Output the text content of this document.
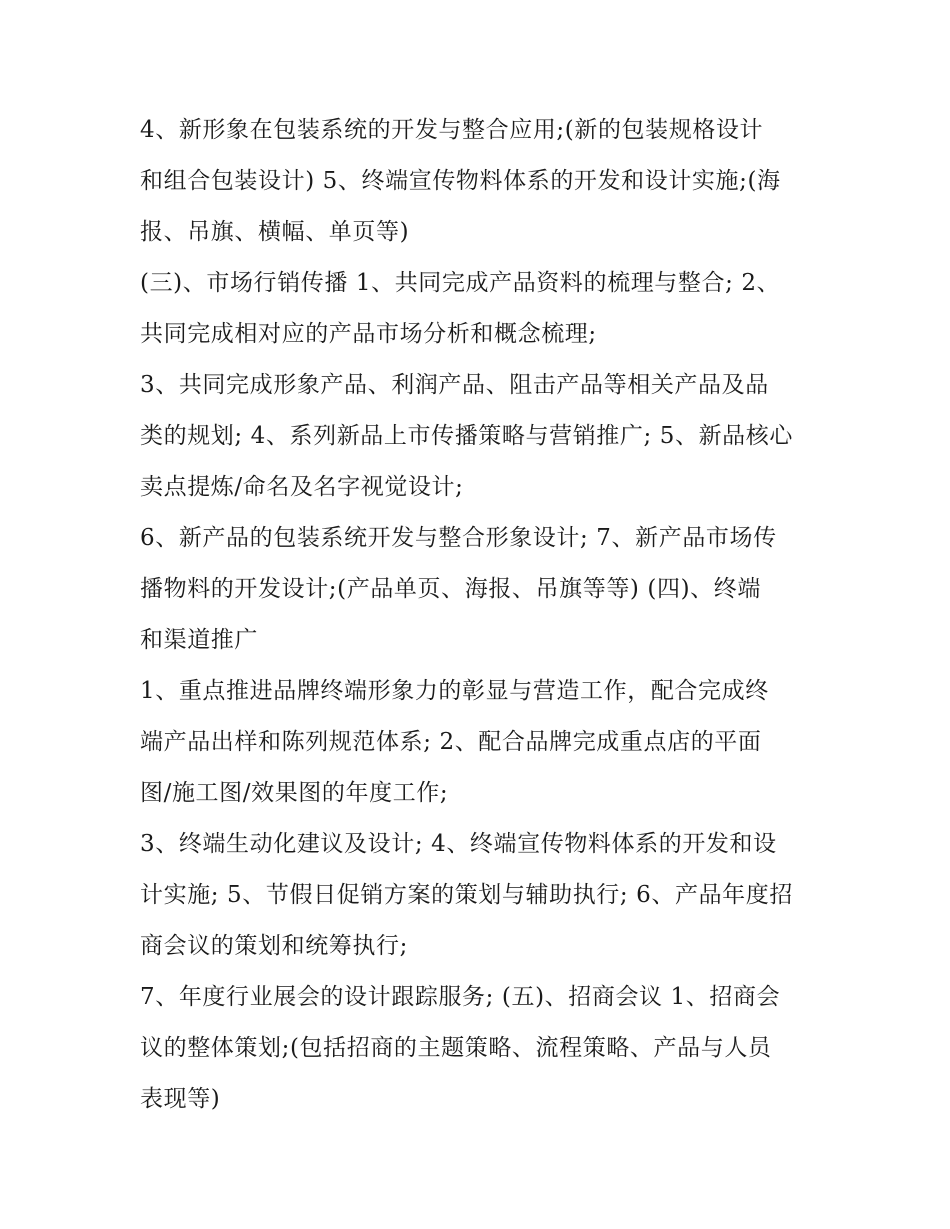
4、新形象在包装系统的开发与整合应用;(新的包装规格设计
和组合包装设计) 5、终端宣传物料体系的开发和设计实施;(海
报、吊旗、横幅、单页等)

(三)、市场行销传播 1、共同完成产品资料的梳理与整合; 2、
共同完成相对应的产品市场分析和概念梳理;

3、共同完成形象产品、利润产品、阻击产品等相关产品及品
类的规划; 4、系列新品上市传播策略与营销推广; 5、新品核心
卖点提炼/命名及名字视觉设计;

6、新产品的包装系统开发与整合形象设计; 7、新产品市场传
播物料的开发设计;(产品单页、海报、吊旗等等) (四)、终端
和渠道推广

1、重点推进品牌终端形象力的彰显与营造工作，配合完成终
端产品出样和陈列规范体系; 2、配合品牌完成重点店的平面
图/施工图/效果图的年度工作;

3、终端生动化建议及设计; 4、终端宣传物料体系的开发和设
计实施; 5、节假日促销方案的策划与辅助执行; 6、产品年度招
商会议的策划和统筹执行;

7、年度行业展会的设计跟踪服务; (五)、招商会议 1、招商会
议的整体策划;(包括招商的主题策略、流程策略、产品与人员
表现等)
